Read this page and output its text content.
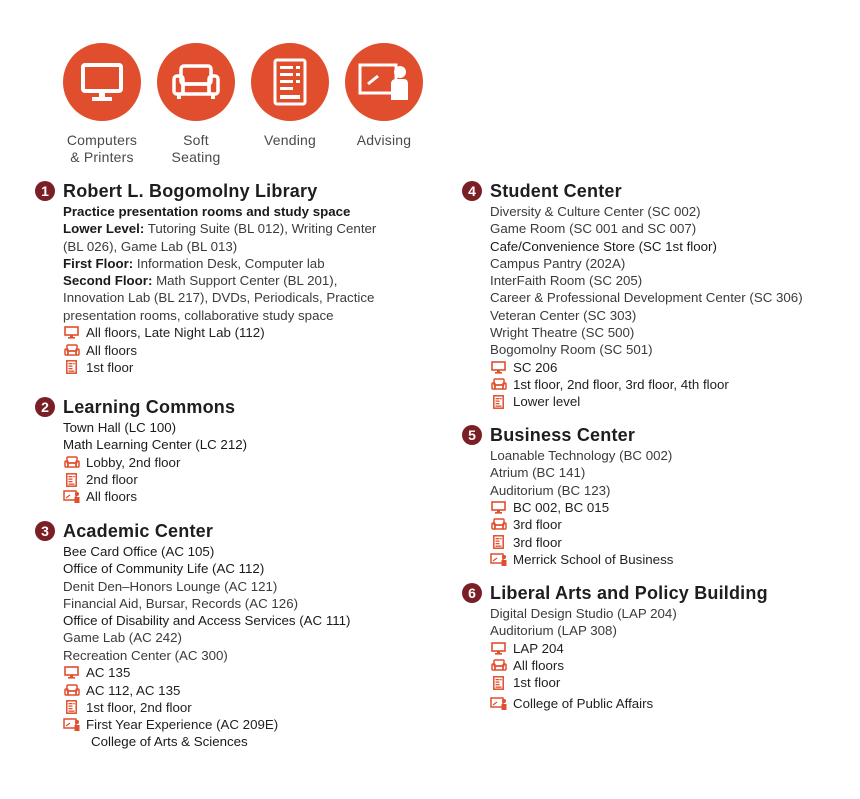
Computers
& Printers
Soft
Seating
Vending	Advising
1 Robert L. Bogomolny Library
Practice presentation rooms and study space
Lower Level: Tutoring Suite (BL 012), Writing Center
(BL 026), Game Lab (BL 013)
First Floor: Information Desk, Computer lab
Second Floor: Math Support Center (BL 201),
Innovation Lab (BL 217), DVDs, Periodicals, Practice
presentation rooms, collaborative study space
All floors, Late Night Lab (112)
All floors
1st floor
2 Learning Commons
Town Hall (LC 100)
Math Learning Center (LC 212)
Lobby, 2nd floor
2nd floor
All floors
3 Academic Center
Bee Card Office (AC 105)
Office of Community Life (AC 112)
Denit Den–Honors Lounge (AC 121)
Financial Aid, Bursar, Records (AC 126)
Office of Disability and Access Services (AC 111)
Game Lab (AC 242)
Recreation Center (AC 300)
AC 135
AC 112, AC 135
1st floor, 2nd floor
First Year Experience (AC 209E)
College of Arts & Sciences
4 Student Center
Diversity & Culture Center (SC 002)
Game Room (SC 001 and SC 007)
Cafe/Convenience Store (SC 1st floor)
Campus Pantry (202A)
InterFaith Room (SC 205)
Career & Professional Development Center (SC 306)
Veteran Center (SC 303)
Wright Theatre (SC 500)
Bogomolny Room (SC 501)
SC 206
1st floor, 2nd floor, 3rd floor, 4th floor
Lower level
5 Business Center
Loanable Technology (BC 002)
Atrium (BC 141)
Auditorium (BC 123)
BC 002, BC 015
3rd floor
3rd floor
Merrick School of Business
6 Liberal Arts and Policy Building
Digital Design Studio (LAP 204)
Auditorium (LAP 308)
LAP 204
All floors
1st floor
College of Public Affairs
